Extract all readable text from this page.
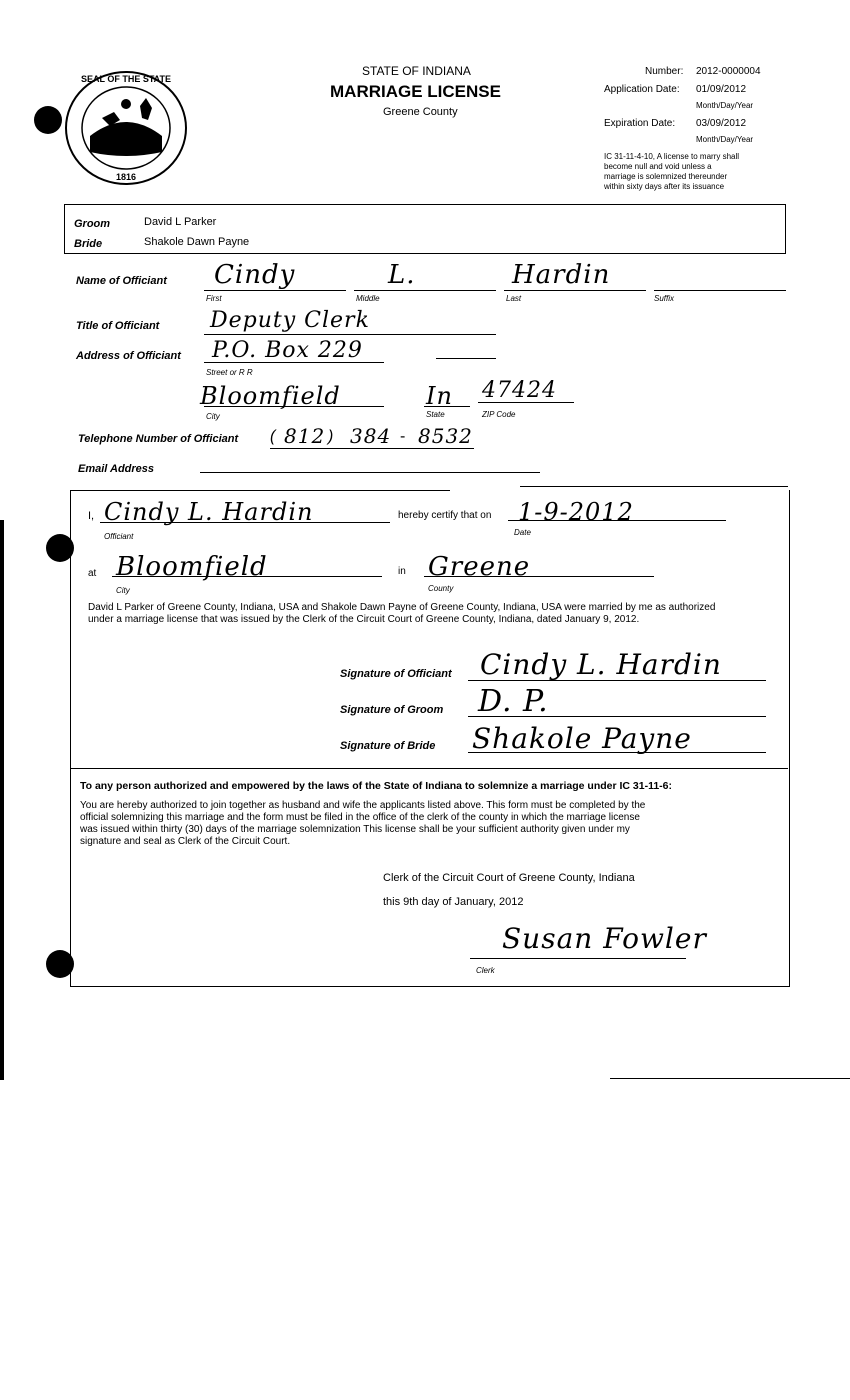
SEAL OF THE STATE
1816
STATE OF INDIANA
MARRIAGE LICENSE
Greene County
Number: 2012-0000004
Application Date: 01/09/2012
Month/Day/Year
Expiration Date: 03/09/2012
Month/Day/Year
IC 31-11-4-10, A license to marry shall
become null and void unless a
marriage is solemnized thereunder
within sixty days after its issuance
Groom	David L Parker
Bride	Shakole Dawn Payne
Name of Officiant Cindy	L.	Hardin
First	Middle	Last	Suffix
Title of Officiant Deputy Clerk
Address of Officiant P.O. Box 229
Street or R R
Bloomfield	In 47424
City	State	ZIP Code
Telephone Number of Officiant ( 812 ) 384 - 8532
Email Address
I, Cindy L. Hardin
Officiant
hereby certify that on 1-9-2012
Date
at Bloomfield
City
in Greene
County
David L Parker of Greene County, Indiana, USA and Shakole Dawn Payne of Greene County, Indiana, USA were married by me as authorized
under a marriage license that was issued by the Clerk of the Circuit Court of Greene County, Indiana, dated January 9, 2012.
Signature of Officiant Cindy L. Hardin
Signature of Groom D. P.
Signature of Bride Shakole Payne
To any person authorized and empowered by the laws of the State of Indiana to solemnize a marriage under IC 31-11-6:
You are hereby authorized to join together as husband and wife the applicants listed above. This form must be completed by the
official solemnizing this marriage and the form must be filed in the office of the clerk of the county in which the marriage license
was issued within thirty (30) days of the marriage solemnization This license shall be your sufficient authority given under my
signature and seal as Clerk of the Circuit Court.
Clerk of the Circuit Court of Greene County, Indiana
this 9th day of January, 2012
Susan Fowler
Clerk
